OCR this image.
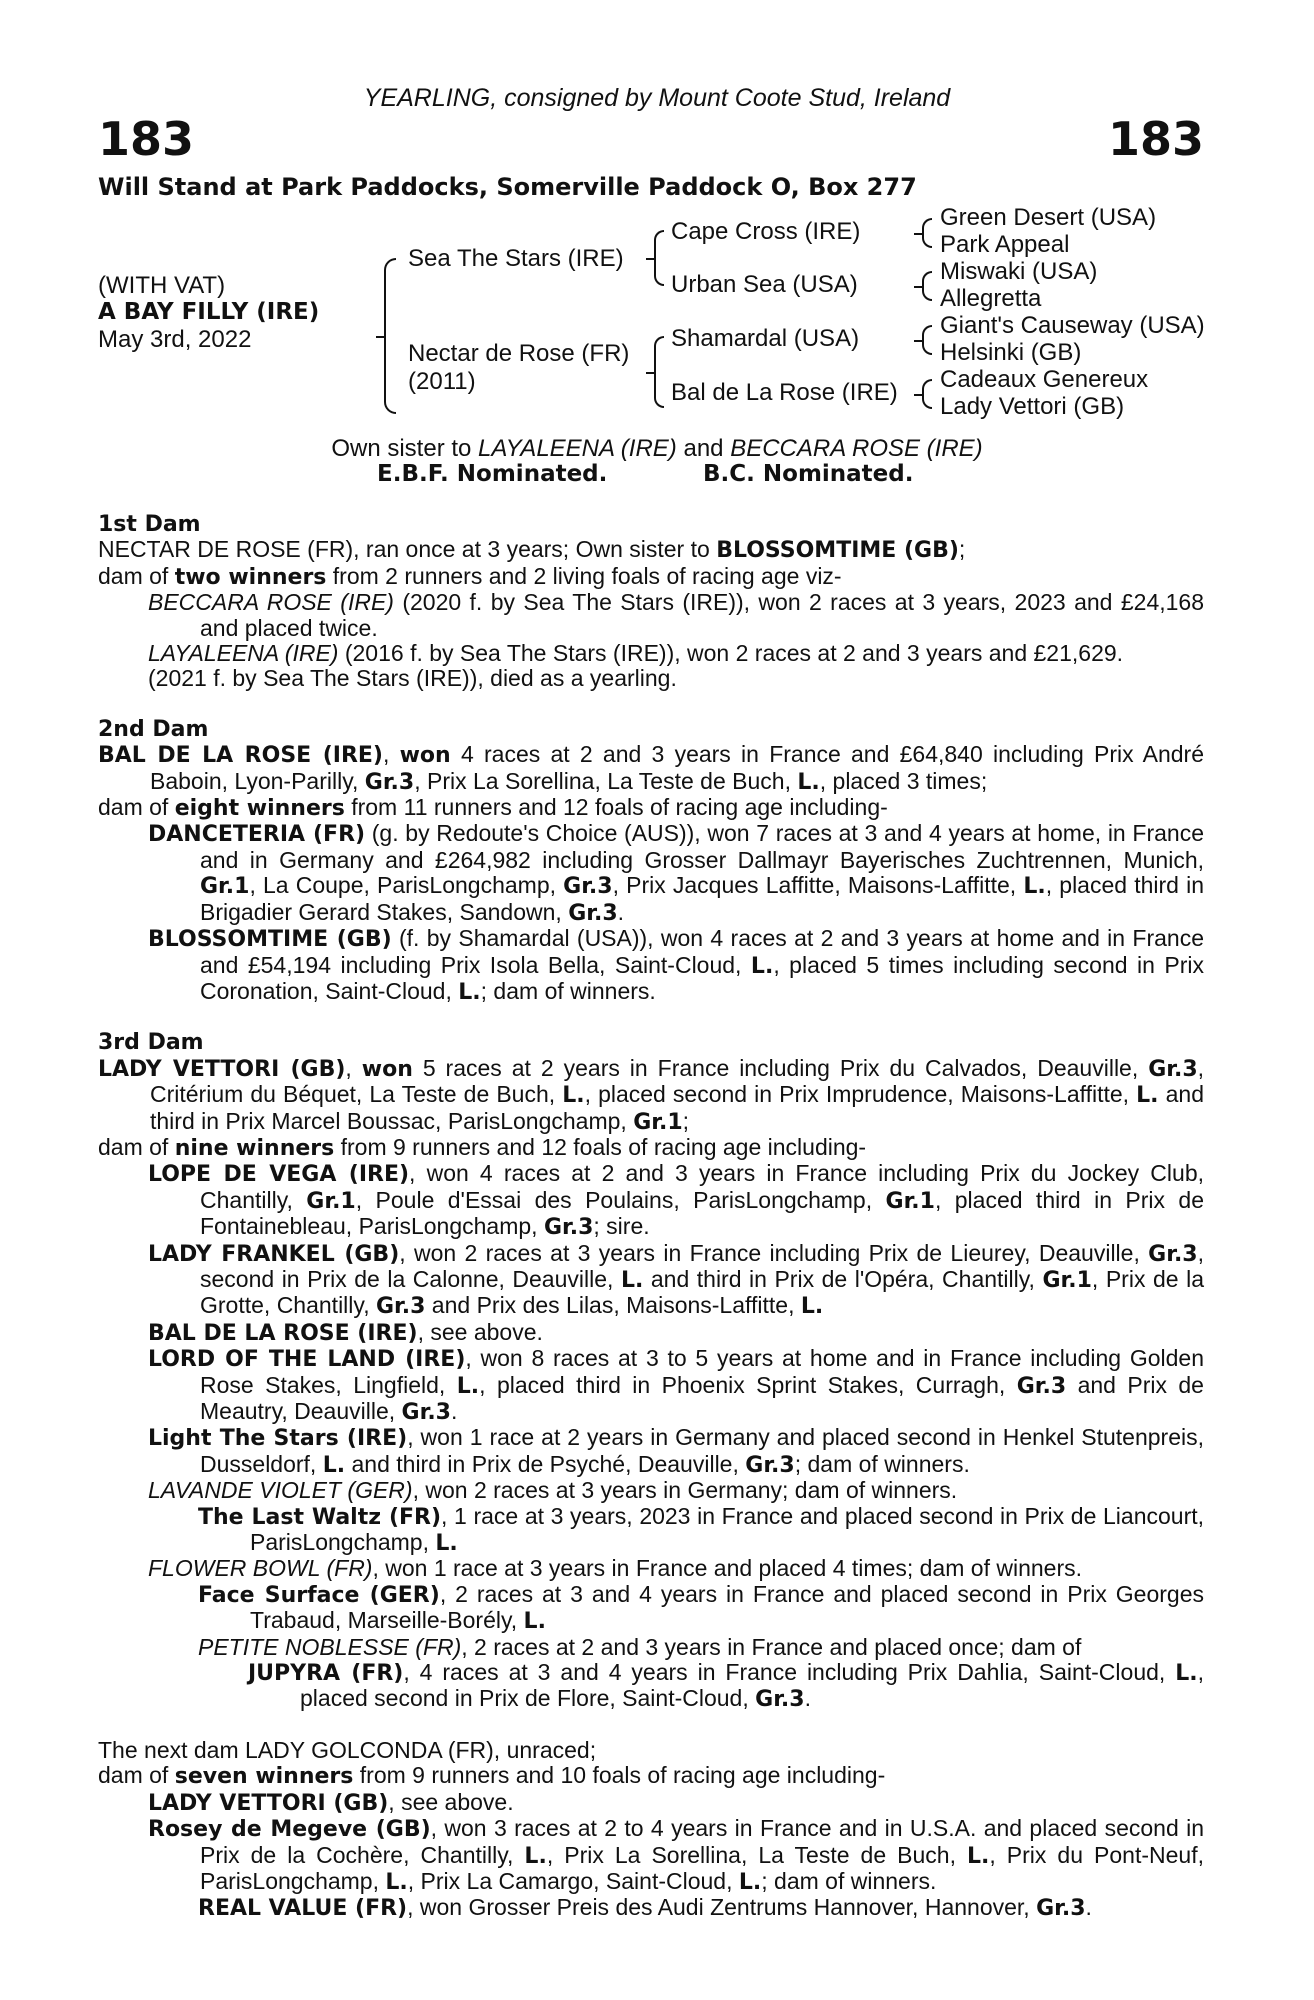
YEARLING, consigned by Mount Coote Stud, Ireland
183	183
Will Stand at Park Paddocks, Somerville Paddock O, Box 277
(WITH VAT)
A BAY FILLY (IRE)
May 3rd, 2022
Sea The Stars (IRE)
Nectar de Rose (FR)
(2011)
Cape Cross (IRE)
Urban Sea (USA)
Shamardal (USA)
Bal de La Rose (IRE)
Green Desert (USA)
Park Appeal
Miswaki (USA)
Allegretta
Giant's Causeway (USA)
Helsinki (GB)
Cadeaux Genereux
Lady Vettori (GB)
Own sister to LAYALEENA (IRE) and BECCARA ROSE (IRE)
E.B.F. Nominated.	B.C. Nominated.
1st Dam
NECTAR DE ROSE (FR), ran once at 3 years; Own sister to BLOSSOMTIME (GB);
dam of two winners from 2 runners and 2 living foals of racing age viz-
BECCARA ROSE (IRE) (2020 f. by Sea The Stars (IRE)), won 2 races at 3 years, 2023 and £24,168 and placed twice.
LAYALEENA (IRE) (2016 f. by Sea The Stars (IRE)), won 2 races at 2 and 3 years and £21,629.
(2021 f. by Sea The Stars (IRE)), died as a yearling.
2nd Dam
BAL DE LA ROSE (IRE), won 4 races at 2 and 3 years in France and £64,840 including Prix André Baboin, Lyon-Parilly, Gr.3, Prix La Sorellina, La Teste de Buch, L., placed 3 times;
dam of eight winners from 11 runners and 12 foals of racing age including-
DANCETERIA (FR) (g. by Redoute's Choice (AUS)), won 7 races at 3 and 4 years at home, in France and in Germany and £264,982 including Grosser Dallmayr Bayerisches Zuchtrennen, Munich, Gr.1, La Coupe, ParisLongchamp, Gr.3, Prix Jacques Laffitte, Maisons-Laffitte, L., placed third in Brigadier Gerard Stakes, Sandown, Gr.3.
BLOSSOMTIME (GB) (f. by Shamardal (USA)), won 4 races at 2 and 3 years at home and in France and £54,194 including Prix Isola Bella, Saint-Cloud, L., placed 5 times including second in Prix Coronation, Saint-Cloud, L.; dam of winners.
3rd Dam
LADY VETTORI (GB), won 5 races at 2 years in France including Prix du Calvados, Deauville, Gr.3, Critérium du Béquet, La Teste de Buch, L., placed second in Prix Imprudence, Maisons-Laffitte, L. and third in Prix Marcel Boussac, ParisLongchamp, Gr.1;
dam of nine winners from 9 runners and 12 foals of racing age including-
LOPE DE VEGA (IRE), won 4 races at 2 and 3 years in France including Prix du Jockey Club, Chantilly, Gr.1, Poule d'Essai des Poulains, ParisLongchamp, Gr.1, placed third in Prix de Fontainebleau, ParisLongchamp, Gr.3; sire.
LADY FRANKEL (GB), won 2 races at 3 years in France including Prix de Lieurey, Deauville, Gr.3, second in Prix de la Calonne, Deauville, L. and third in Prix de l'Opéra, Chantilly, Gr.1, Prix de la Grotte, Chantilly, Gr.3 and Prix des Lilas, Maisons-Laffitte, L.
BAL DE LA ROSE (IRE), see above.
LORD OF THE LAND (IRE), won 8 races at 3 to 5 years at home and in France including Golden Rose Stakes, Lingfield, L., placed third in Phoenix Sprint Stakes, Curragh, Gr.3 and Prix de Meautry, Deauville, Gr.3.
Light The Stars (IRE), won 1 race at 2 years in Germany and placed second in Henkel Stutenpreis, Dusseldorf, L. and third in Prix de Psyché, Deauville, Gr.3; dam of winners.
LAVANDE VIOLET (GER), won 2 races at 3 years in Germany; dam of winners.
The Last Waltz (FR), 1 race at 3 years, 2023 in France and placed second in Prix de Liancourt, ParisLongchamp, L.
FLOWER BOWL (FR), won 1 race at 3 years in France and placed 4 times; dam of winners.
Face Surface (GER), 2 races at 3 and 4 years in France and placed second in Prix Georges Trabaud, Marseille-Borély, L.
PETITE NOBLESSE (FR), 2 races at 2 and 3 years in France and placed once; dam of
JUPYRA (FR), 4 races at 3 and 4 years in France including Prix Dahlia, Saint-Cloud, L., placed second in Prix de Flore, Saint-Cloud, Gr.3.
The next dam LADY GOLCONDA (FR), unraced;
dam of seven winners from 9 runners and 10 foals of racing age including-
LADY VETTORI (GB), see above.
Rosey de Megeve (GB), won 3 races at 2 to 4 years in France and in U.S.A. and placed second in Prix de la Cochère, Chantilly, L., Prix La Sorellina, La Teste de Buch, L., Prix du Pont-Neuf, ParisLongchamp, L., Prix La Camargo, Saint-Cloud, L.; dam of winners.
REAL VALUE (FR), won Grosser Preis des Audi Zentrums Hannover, Hannover, Gr.3.
